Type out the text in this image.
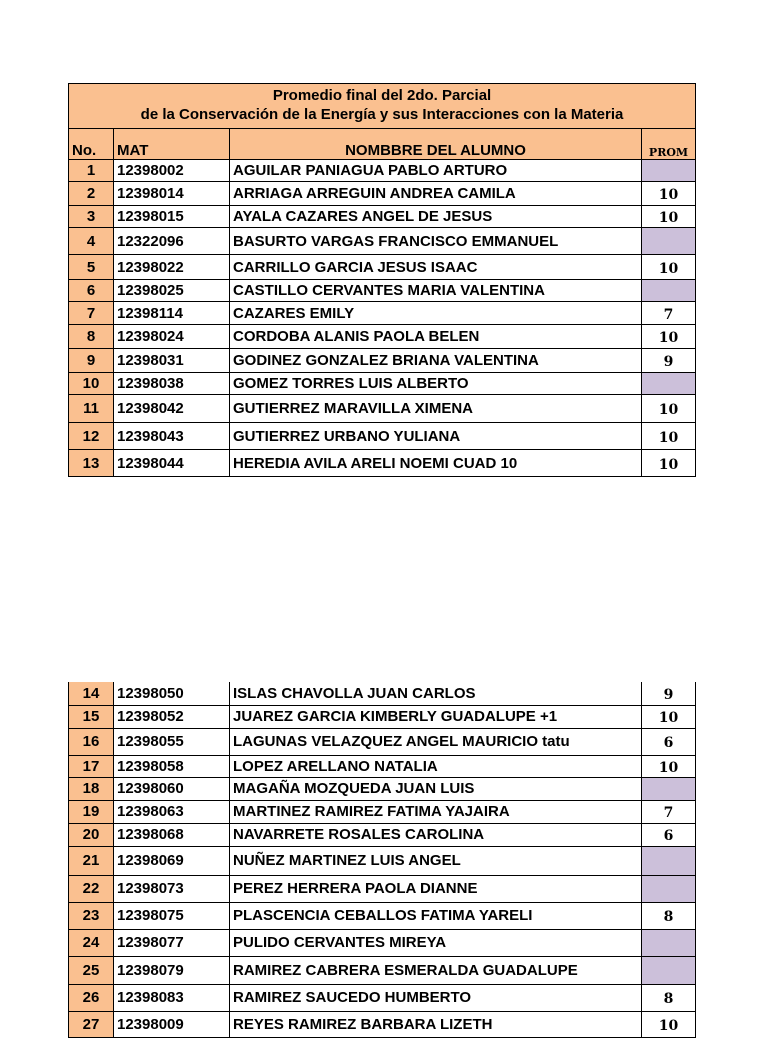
Promedio final del 2do. Parcial			
de la Conservación de la Energía y sus Interacciones con la Materia			
No.	MAT	NOMBBRE DEL ALUMNO	PROM
1	12398002	AGUILAR PANIAGUA PABLO ARTURO	
2	12398014	ARRIAGA ARREGUIN ANDREA CAMILA	10
3	12398015	AYALA CAZARES ANGEL DE JESUS	10
4	12322096	BASURTO VARGAS FRANCISCO EMMANUEL	
5	12398022	CARRILLO GARCIA JESUS ISAAC	10
6	12398025	CASTILLO CERVANTES MARIA VALENTINA	
7	12398114	CAZARES EMILY	7
8	12398024	CORDOBA ALANIS PAOLA BELEN	10
9	12398031	GODINEZ GONZALEZ BRIANA VALENTINA	9
10	12398038	GOMEZ TORRES LUIS ALBERTO	
11	12398042	GUTIERREZ MARAVILLA XIMENA	10
12	12398043	GUTIERREZ URBANO YULIANA	10
13	12398044	HEREDIA AVILA ARELI NOEMI CUAD 10	10
14	12398050	ISLAS CHAVOLLA JUAN CARLOS	9
15	12398052	JUAREZ GARCIA KIMBERLY GUADALUPE +1	10
16	12398055	LAGUNAS VELAZQUEZ ANGEL MAURICIO tatu	6
17	12398058	LOPEZ ARELLANO NATALIA	10
18	12398060	MAGAÑA MOZQUEDA JUAN LUIS	
19	12398063	MARTINEZ RAMIREZ FATIMA YAJAIRA	7
20	12398068	NAVARRETE ROSALES CAROLINA	6
21	12398069	NUÑEZ MARTINEZ LUIS ANGEL	
22	12398073	PEREZ HERRERA PAOLA DIANNE	
23	12398075	PLASCENCIA CEBALLOS FATIMA YARELI	8
24	12398077	PULIDO CERVANTES MIREYA	
25	12398079	RAMIREZ CABRERA ESMERALDA GUADALUPE	
26	12398083	RAMIREZ SAUCEDO HUMBERTO	8
27	12398009	REYES RAMIREZ BARBARA LIZETH	10
